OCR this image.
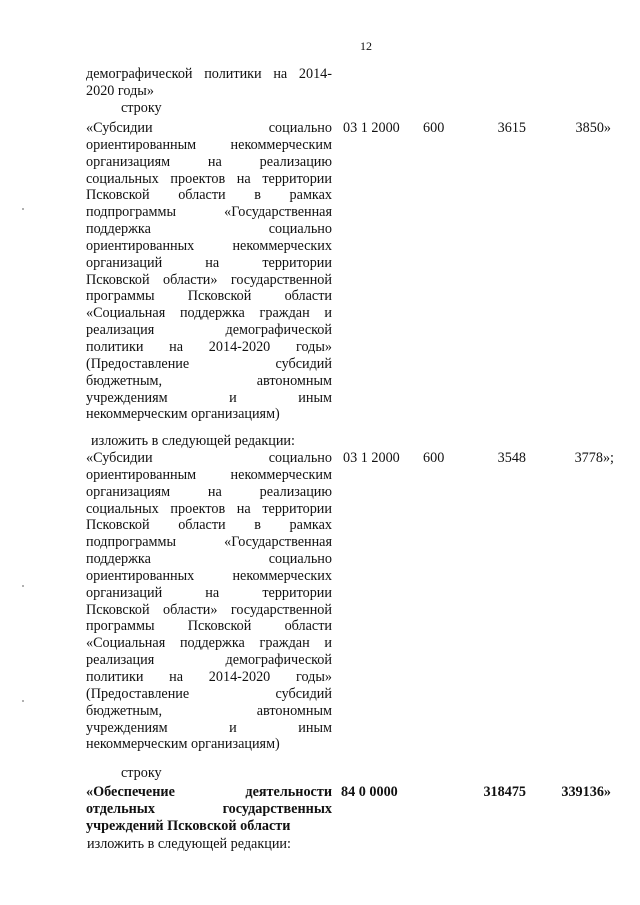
12
демографической политики на 2014-
2020 годы»
строку
«Субсидии социально
ориентированным некоммерческим
организациям на реализацию
социальных проектов на территории
Псковской области в рамках
подпрограммы «Государственная
поддержка социально
ориентированных некоммерческих
организаций на территории
Псковской области» государственной
программы Псковской области
«Социальная поддержка граждан и
реализация демографической
политики на 2014-2020 годы»
(Предоставление субсидий
бюджетным, автономным
учреждениям и иным
некоммерческим организациям)
03 1 2000 600	3615	3850»
изложить в следующей редакции:
«Субсидии социально
ориентированным некоммерческим
организациям на реализацию
социальных проектов на территории
Псковской области в рамках
подпрограммы «Государственная
поддержка социально
ориентированных некоммерческих
организаций на территории
Псковской области» государственной
программы Псковской области
«Социальная поддержка граждан и
реализация демографической
политики на 2014-2020 годы»
(Предоставление субсидий
бюджетным, автономным
учреждениям и иным
некоммерческим организациям)
03 1 2000 600	3548	3778»;
строку
«Обеспечение деятельности
отдельных государственных
учреждений Псковской области
84 0 0000	318475 339136»
изложить в следующей редакции:
